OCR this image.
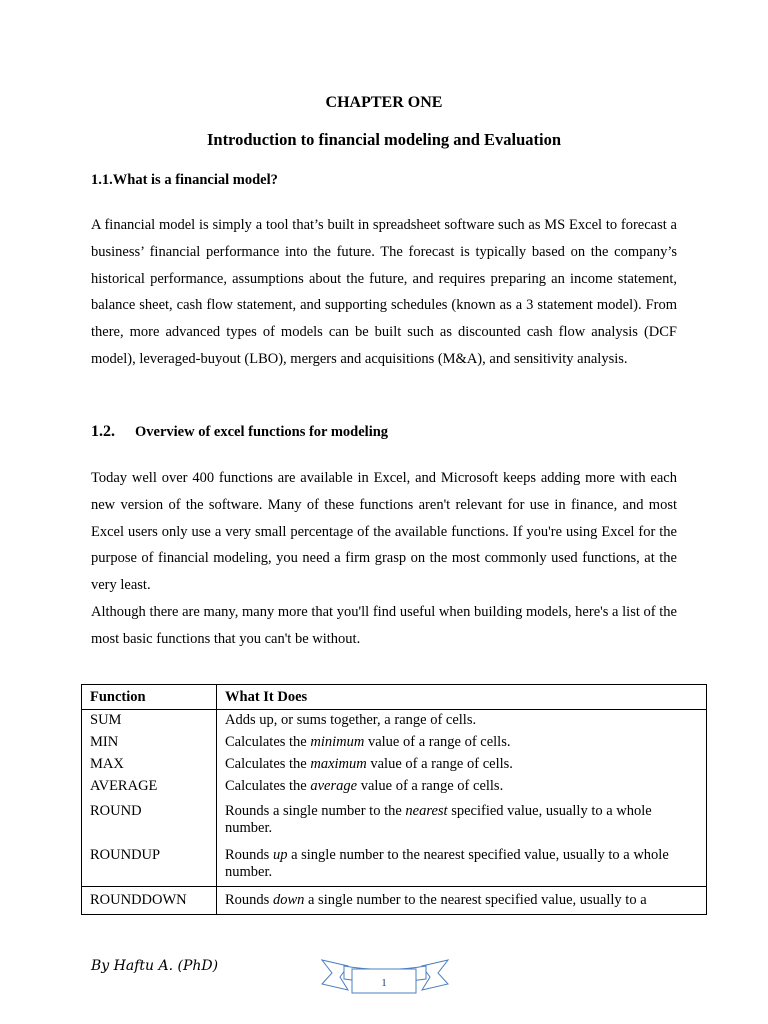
CHAPTER ONE
Introduction to financial modeling and Evaluation
1.1.What is a financial model?
A financial model is simply a tool that’s built in spreadsheet software such as MS Excel to forecast a business’ financial performance into the future. The forecast is typically based on the company’s historical performance, assumptions about the future, and requires preparing an income statement, balance sheet, cash flow statement, and supporting schedules (known as a 3 statement model). From there, more advanced types of models can be built such as discounted cash flow analysis (DCF model), leveraged-buyout (LBO), mergers and acquisitions (M&A), and sensitivity analysis.
1.2. Overview of excel functions for modeling
Today well over 400 functions are available in Excel, and Microsoft keeps adding more with each new version of the software. Many of these functions aren't relevant for use in finance, and most Excel users only use a very small percentage of the available functions. If you're using Excel for the purpose of financial modeling, you need a firm grasp on the most commonly used functions, at the very least.
Although there are many, many more that you'll find useful when building models, here's a list of the most basic functions that you can't be without.
Function	What It Does
SUM	Adds up, or sums together, a range of cells.
MIN	Calculates the minimum value of a range of cells.
MAX	Calculates the maximum value of a range of cells.
AVERAGE	Calculates the average value of a range of cells.
ROUND	Rounds a single number to the nearest specified value, usually to a whole number.
ROUNDUP	Rounds up a single number to the nearest specified value, usually to a whole number.
ROUNDDOWN	Rounds down a single number to the nearest specified value, usually to a
By Haftu A. (PhD)
1
